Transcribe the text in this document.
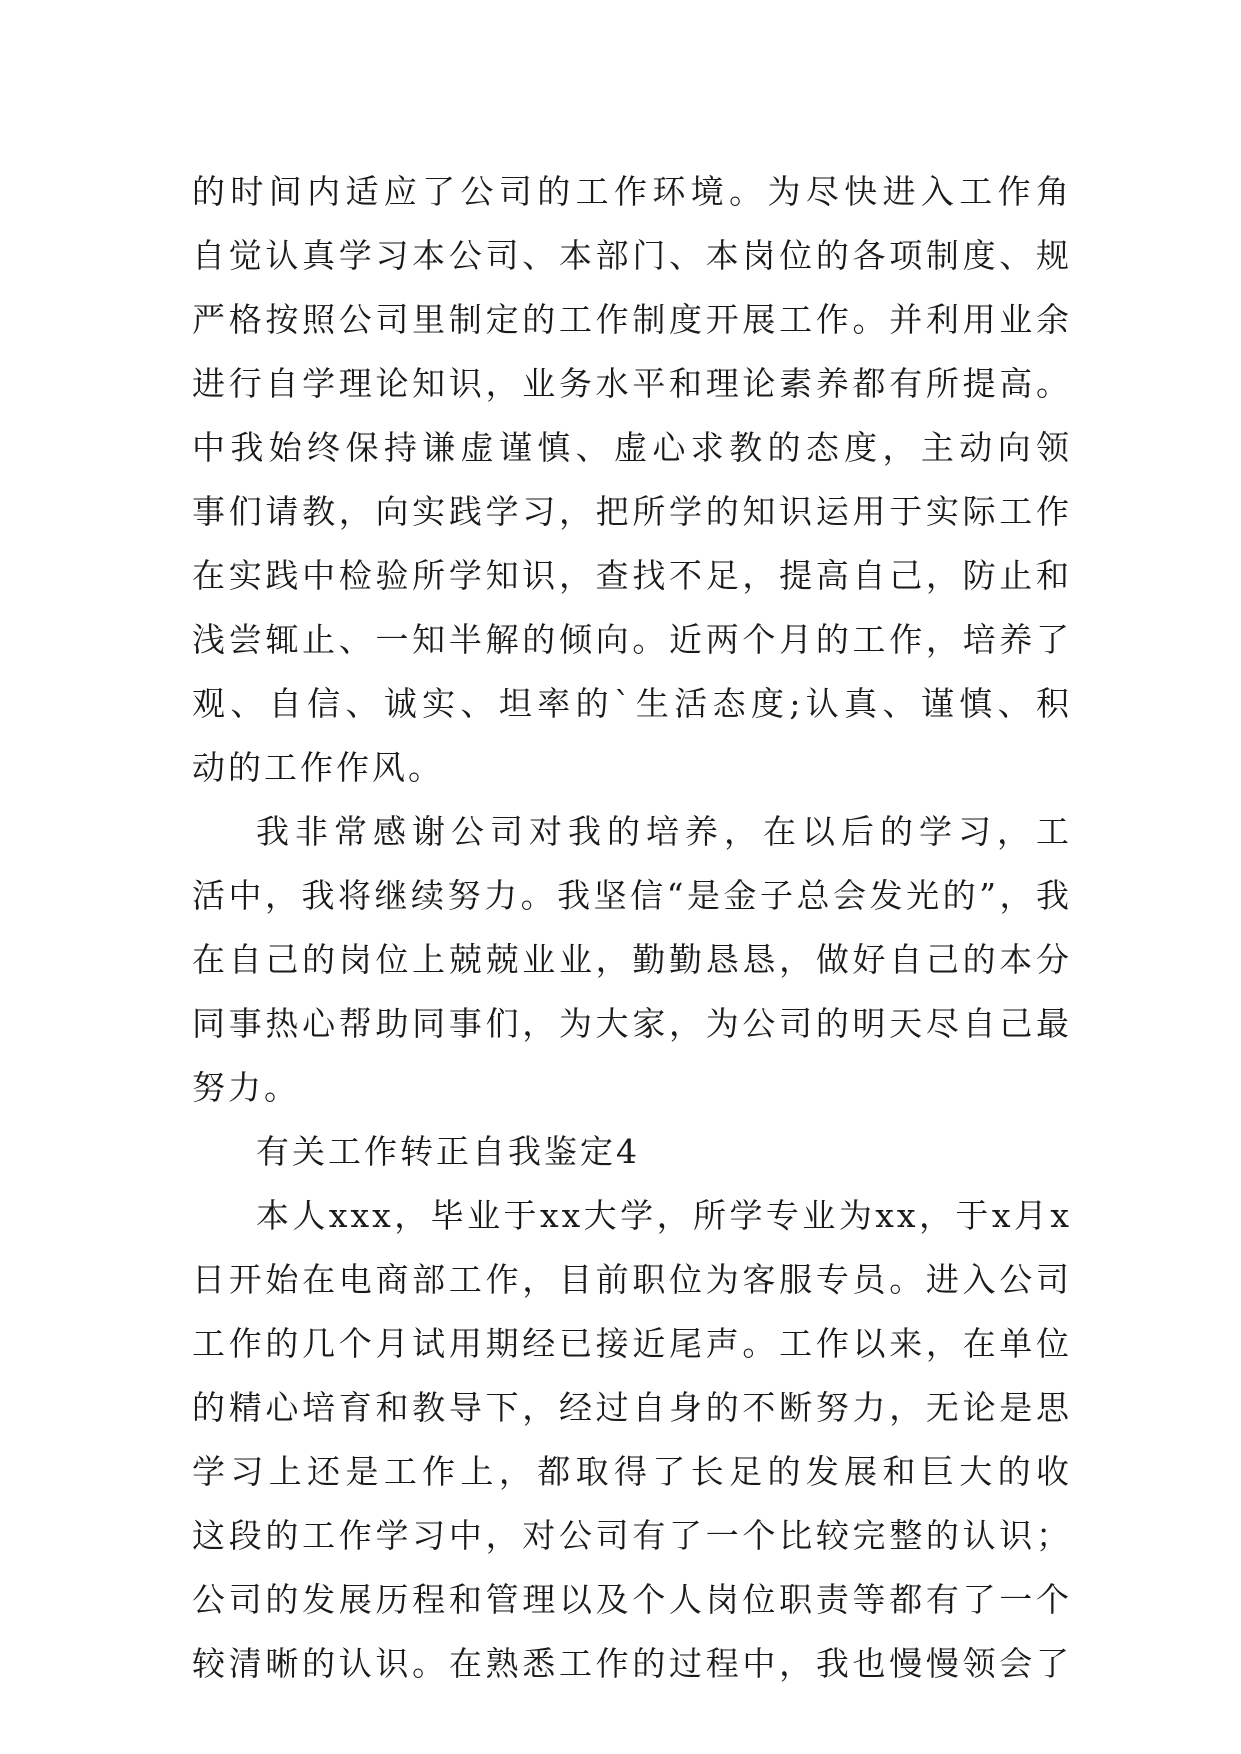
的时间内适应了公司的工作环境。为尽快进入工作角
自觉认真学习本公司、本部门、本岗位的各项制度、规
严格按照公司里制定的工作制度开展工作。并利用业余
进行自学理论知识，业务水平和理论素养都有所提高。
中我始终保持谦虚谨慎、虚心求教的态度，主动向领
事们请教，向实践学习，把所学的知识运用于实际工作
在实践中检验所学知识，查找不足，提高自己，防止和
浅尝辄止、一知半解的倾向。近两个月的工作，培养了
观、自信、诚实、坦率的`生活态度;认真、谨慎、积
动的工作作风。
我非常感谢公司对我的培养，在以后的学习，工
活中，我将继续努力。我坚信“是金子总会发光的”，我
在自己的岗位上兢兢业业，勤勤恳恳，做好自己的本分
同事热心帮助同事们，为大家，为公司的明天尽自己最
努力。
有关工作转正自我鉴定4
本人xxx，毕业于xx大学，所学专业为xx，于x月x
日开始在电商部工作，目前职位为客服专员。进入公司
工作的几个月试用期经已接近尾声。工作以来，在单位
的精心培育和教导下，经过自身的不断努力，无论是思
学习上还是工作上，都取得了长足的发展和巨大的收
这段的工作学习中，对公司有了一个比较完整的认识；
公司的发展历程和管理以及个人岗位职责等都有了一个
较清晰的认识。在熟悉工作的过程中，我也慢慢领会了
